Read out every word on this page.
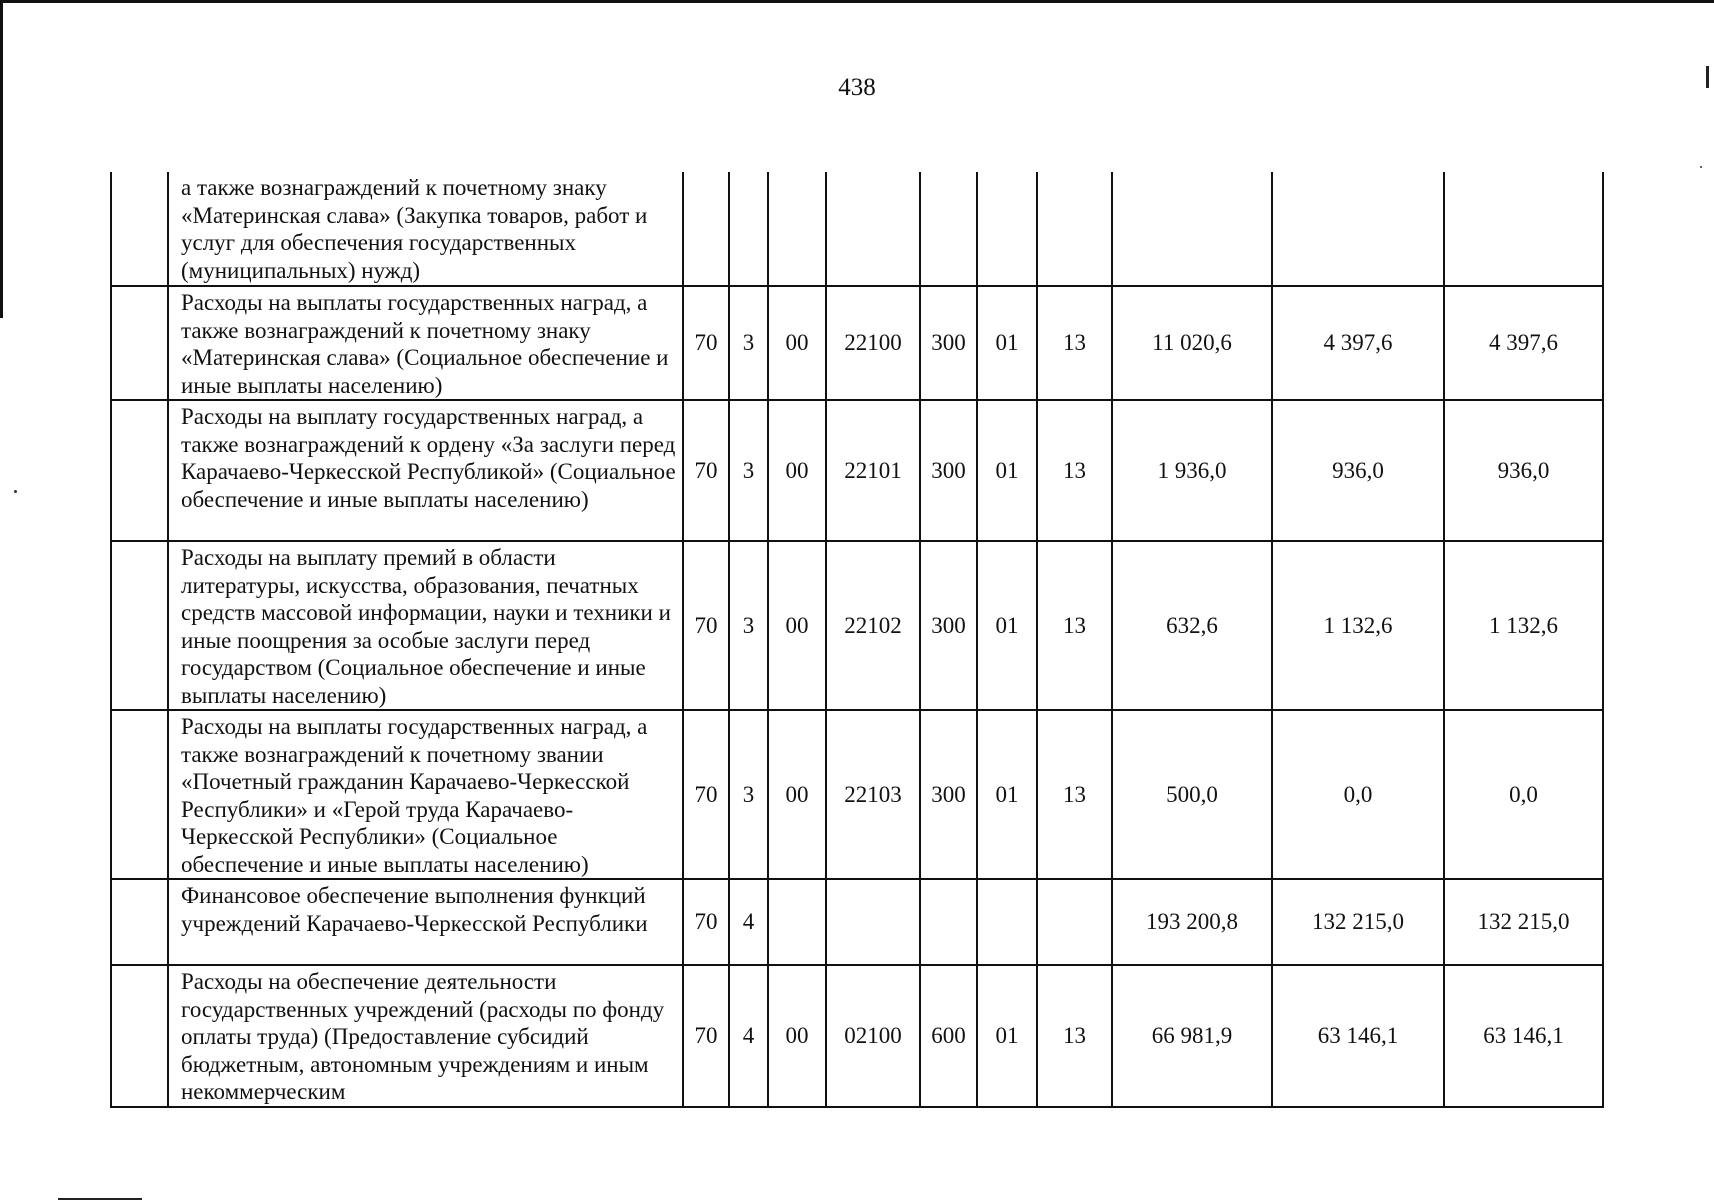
438
	а также вознаграждений к почетному знаку «Материнская слава» (Закупка товаров, работ и услуг для обеспечения государственных (муниципальных) нужд)										
	Расходы на выплаты государственных наград, а также вознаграждений к почетному знаку «Материнская слава» (Социальное обеспечение и иные выплаты населению)	70	3	00	22100	300	01	13	11 020,6	4 397,6	4 397,6
	Расходы на выплату государственных наград, а также вознаграждений к ордену «За заслуги перед Карачаево-Черкесской Республикой» (Социальное обеспечение и иные выплаты населению)	70	3	00	22101	300	01	13	1 936,0	936,0	936,0
	Расходы на выплату премий в области литературы, искусства, образования, печатных средств массовой информации, науки и техники и иные поощрения за особые заслуги перед государством (Социальное обеспечение и иные выплаты населению)	70	3	00	22102	300	01	13	632,6	1 132,6	1 132,6
	Расходы на выплаты государственных наград, а также вознаграждений к почетному звании «Почетный гражданин Карачаево-Черкесской Республики» и «Герой труда Карачаево-Черкесской Республики» (Социальное обеспечение и иные выплаты населению)	70	3	00	22103	300	01	13	500,0	0,0	0,0
	Финансовое обеспечение выполнения функций учреждений Карачаево-Черкесской Республики	70	4						193 200,8	132 215,0	132 215,0
	Расходы на обеспечение деятельности государственных учреждений (расходы по фонду оплаты труда) (Предоставление субсидий бюджетным, автономным учреждениям и иным некоммерческим	70	4	00	02100	600	01	13	66 981,9	63 146,1	63 146,1
